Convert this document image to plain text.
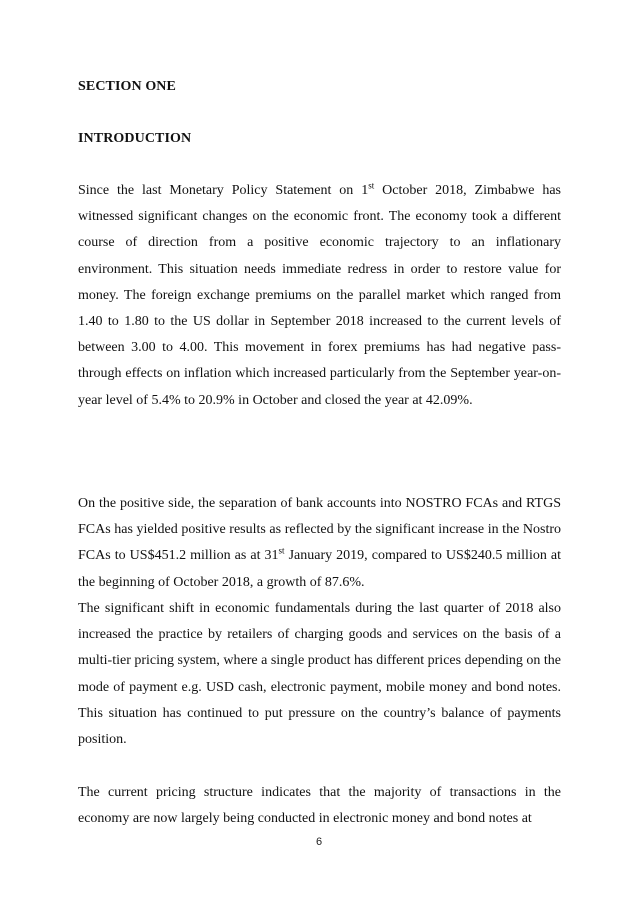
SECTION ONE
INTRODUCTION

Since the last Monetary Policy Statement on 1st October 2018, Zimbabwe has witnessed significant changes on the economic front. The economy took a different course of direction from a positive economic trajectory to an inflationary environment. This situation needs immediate redress in order to restore value for money. The foreign exchange premiums on the parallel market which ranged from 1.40 to 1.80 to the US dollar in September 2018 increased to the current levels of between 3.00 to 4.00. This movement in forex premiums has had negative pass-through effects on inflation which increased particularly from the September year-on-year level of 5.4% to 20.9% in October and closed the year at 42.09%.

On the positive side, the separation of bank accounts into NOSTRO FCAs and RTGS FCAs has yielded positive results as reflected by the significant increase in the Nostro FCAs to US$451.2 million as at 31st January 2019, compared to US$240.5 million at the beginning of October 2018, a growth of 87.6%.

The significant shift in economic fundamentals during the last quarter of 2018 also increased the practice by retailers of charging goods and services on the basis of a multi-tier pricing system, where a single product has different prices depending on the mode of payment e.g. USD cash, electronic payment, mobile money and bond notes. This situation has continued to put pressure on the country’s balance of payments position.

The current pricing structure indicates that the majority of transactions in the economy are now largely being conducted in electronic money and bond notes at

6
